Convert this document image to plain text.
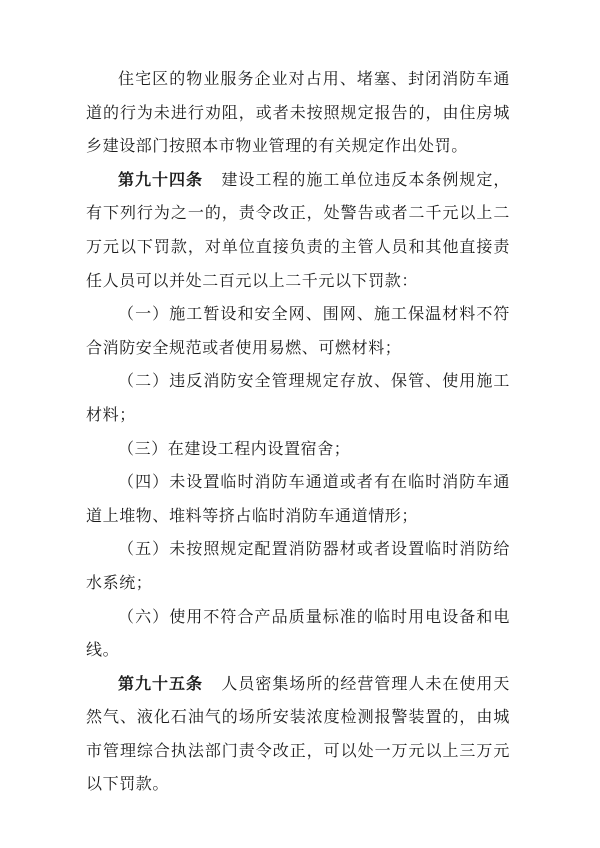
住宅区的物业服务企业对占用、堵塞、封闭消防车通道的行为未进行劝阻，或者未按照规定报告的，由住房城乡建设部门按照本市物业管理的有关规定作出处罚。

第九十四条 建设工程的施工单位违反本条例规定，有下列行为之一的，责令改正，处警告或者二千元以上二万元以下罚款，对单位直接负责的主管人员和其他直接责任人员可以并处二百元以上二千元以下罚款：

（一）施工暂设和安全网、围网、施工保温材料不符合消防安全规范或者使用易燃、可燃材料；

（二）违反消防安全管理规定存放、保管、使用施工材料；

（三）在建设工程内设置宿舍；

（四）未设置临时消防车通道或者有在临时消防车通道上堆物、堆料等挤占临时消防车通道情形；

（五）未按照规定配置消防器材或者设置临时消防给水系统；

（六）使用不符合产品质量标准的临时用电设备和电线。

第九十五条 人员密集场所的经营管理人未在使用天然气、液化石油气的场所安装浓度检测报警装置的，由城市管理综合执法部门责令改正，可以处一万元以上三万元以下罚款。
